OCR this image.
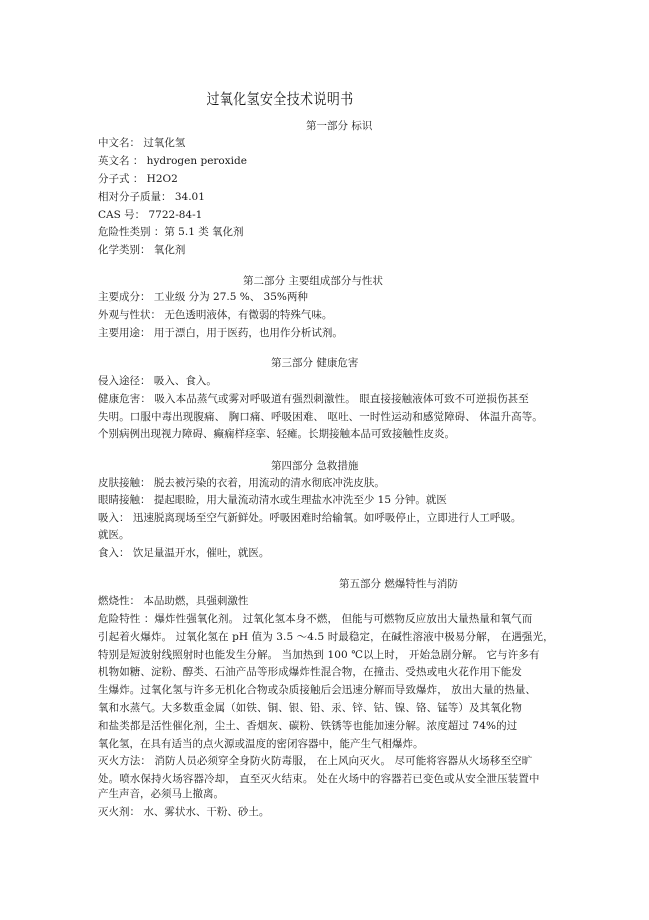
过氧化氢安全技术说明书
第一部分 标识
中文名： 过氧化氢
英文名 ： hydrogen peroxide
分子式 ： H2O2
相对分子质量： 34.01
CAS 号： 7722-84-1
危险性类别 ：第 5.1 类 氧化剂
化学类别： 氧化剂
第二部分 主要组成部分与性状
主要成分： 工业级 分为 27.5 %、 35%两种
外观与性状： 无色透明液体，有微弱的特殊气味。
主要用途： 用于漂白，用于医药，也用作分析试剂。
第三部分 健康危害
侵入途径： 吸入、食入。
健康危害： 吸入本品蒸气或雾对呼吸道有强烈刺激性。 眼直接接触液体可致不可逆损伤甚至
失明。口服中毒出现腹痛、 胸口痛、呼吸困难、 呕吐、一时性运动和感觉障碍、 体温升高等。
个别病例出现视力障碍、癫痫样痉挛、轻瘫。长期接触本品可致接触性皮炎。
第四部分 急救措施
皮肤接触： 脱去被污染的衣着，用流动的清水彻底冲洗皮肤。
眼睛接触： 提起眼睑，用大量流动清水或生理盐水冲洗至少 15 分钟。就医
吸入： 迅速脱离现场至空气新鲜处。呼吸困难时给输氧。如呼吸停止，立即进行人工呼吸。
就医。
食入： 饮足量温开水，催吐，就医。
第五部分 燃爆特性与消防
燃烧性： 本品助燃，具强刺激性
危险特性 ：爆炸性强氧化剂。 过氧化氢本身不燃， 但能与可燃物反应放出大量热量和氧气而
引起着火爆炸。 过氧化氢在 pH 值为 3.5 ～4.5 时最稳定，在碱性溶液中极易分解， 在遇强光，
特别是短波射线照射时也能发生分解。 当加热到 100 ℃以上时， 开始急剧分解。 它与许多有
机物如糖、淀粉、醇类、石油产品等形成爆炸性混合物，在撞击、受热或电火花作用下能发
生爆炸。过氧化氢与许多无机化合物或杂质接触后会迅速分解而导致爆炸， 放出大量的热量、
氧和水蒸气。大多数重金属（如铁、铜、银、铅、汞、锌、钴、镍、铬、锰等）及其氧化物
和盐类都是活性催化剂，尘土、香烟灰、碳粉、铁锈等也能加速分解。浓度超过 74%的过
氧化氢，在具有适当的点火源或温度的密闭容器中，能产生气相爆炸。
灭火方法： 消防人员必须穿全身防火防毒服， 在上风向灭火。 尽可能将容器从火场移至空旷
处。喷水保持火场容器冷却， 直至灭火结束。 处在火场中的容器若已变色或从安全泄压装置中
产生声音，必须马上撤离。
灭火剂： 水、雾状水、干粉、砂土。
